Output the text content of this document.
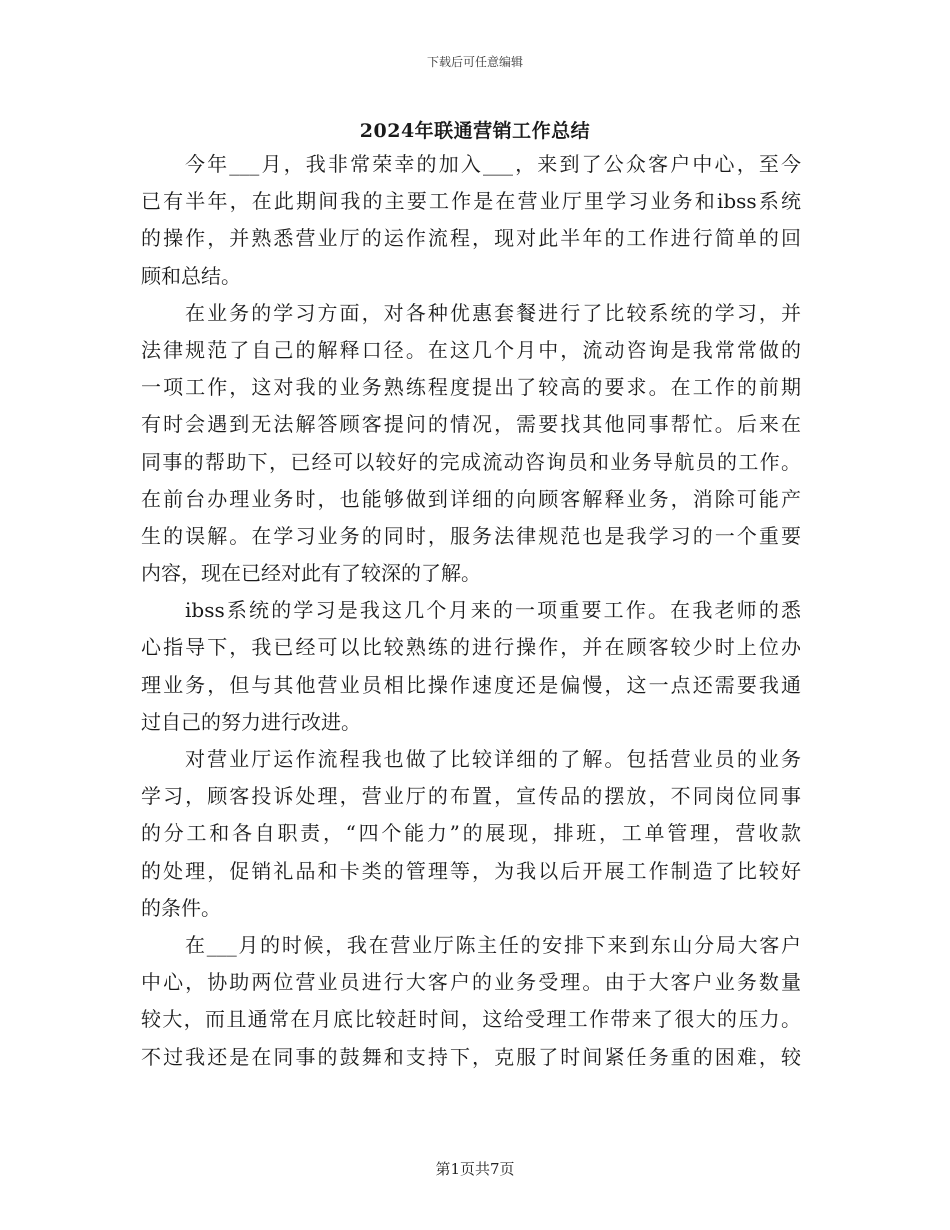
下载后可任意编辑
2024年联通营销工作总结
今年___月，我非常荣幸的加入___，来到了公众客户中心，至今
已有半年，在此期间我的主要工作是在营业厅里学习业务和ibss系统
的操作，并熟悉营业厅的运作流程，现对此半年的工作进行简单的回
顾和总结。
在业务的学习方面，对各种优惠套餐进行了比较系统的学习，并
法律规范了自己的解释口径。在这几个月中，流动咨询是我常常做的
一项工作，这对我的业务熟练程度提出了较高的要求。在工作的前期
有时会遇到无法解答顾客提问的情况，需要找其他同事帮忙。后来在
同事的帮助下，已经可以较好的完成流动咨询员和业务导航员的工作。
在前台办理业务时，也能够做到详细的向顾客解释业务，消除可能产
生的误解。在学习业务的同时，服务法律规范也是我学习的一个重要
内容，现在已经对此有了较深的了解。
ibss系统的学习是我这几个月来的一项重要工作。在我老师的悉
心指导下，我已经可以比较熟练的进行操作，并在顾客较少时上位办
理业务，但与其他营业员相比操作速度还是偏慢，这一点还需要我通
过自己的努力进行改进。
对营业厅运作流程我也做了比较详细的了解。包括营业员的业务
学习，顾客投诉处理，营业厅的布置，宣传品的摆放，不同岗位同事
的分工和各自职责，“四个能力”的展现，排班，工单管理，营收款
的处理，促销礼品和卡类的管理等，为我以后开展工作制造了比较好
的条件。
在___月的时候，我在营业厅陈主任的安排下来到东山分局大客户
中心，协助两位营业员进行大客户的业务受理。由于大客户业务数量
较大，而且通常在月底比较赶时间，这给受理工作带来了很大的压力。
不过我还是在同事的鼓舞和支持下，克服了时间紧任务重的困难，较
第1页共7页
